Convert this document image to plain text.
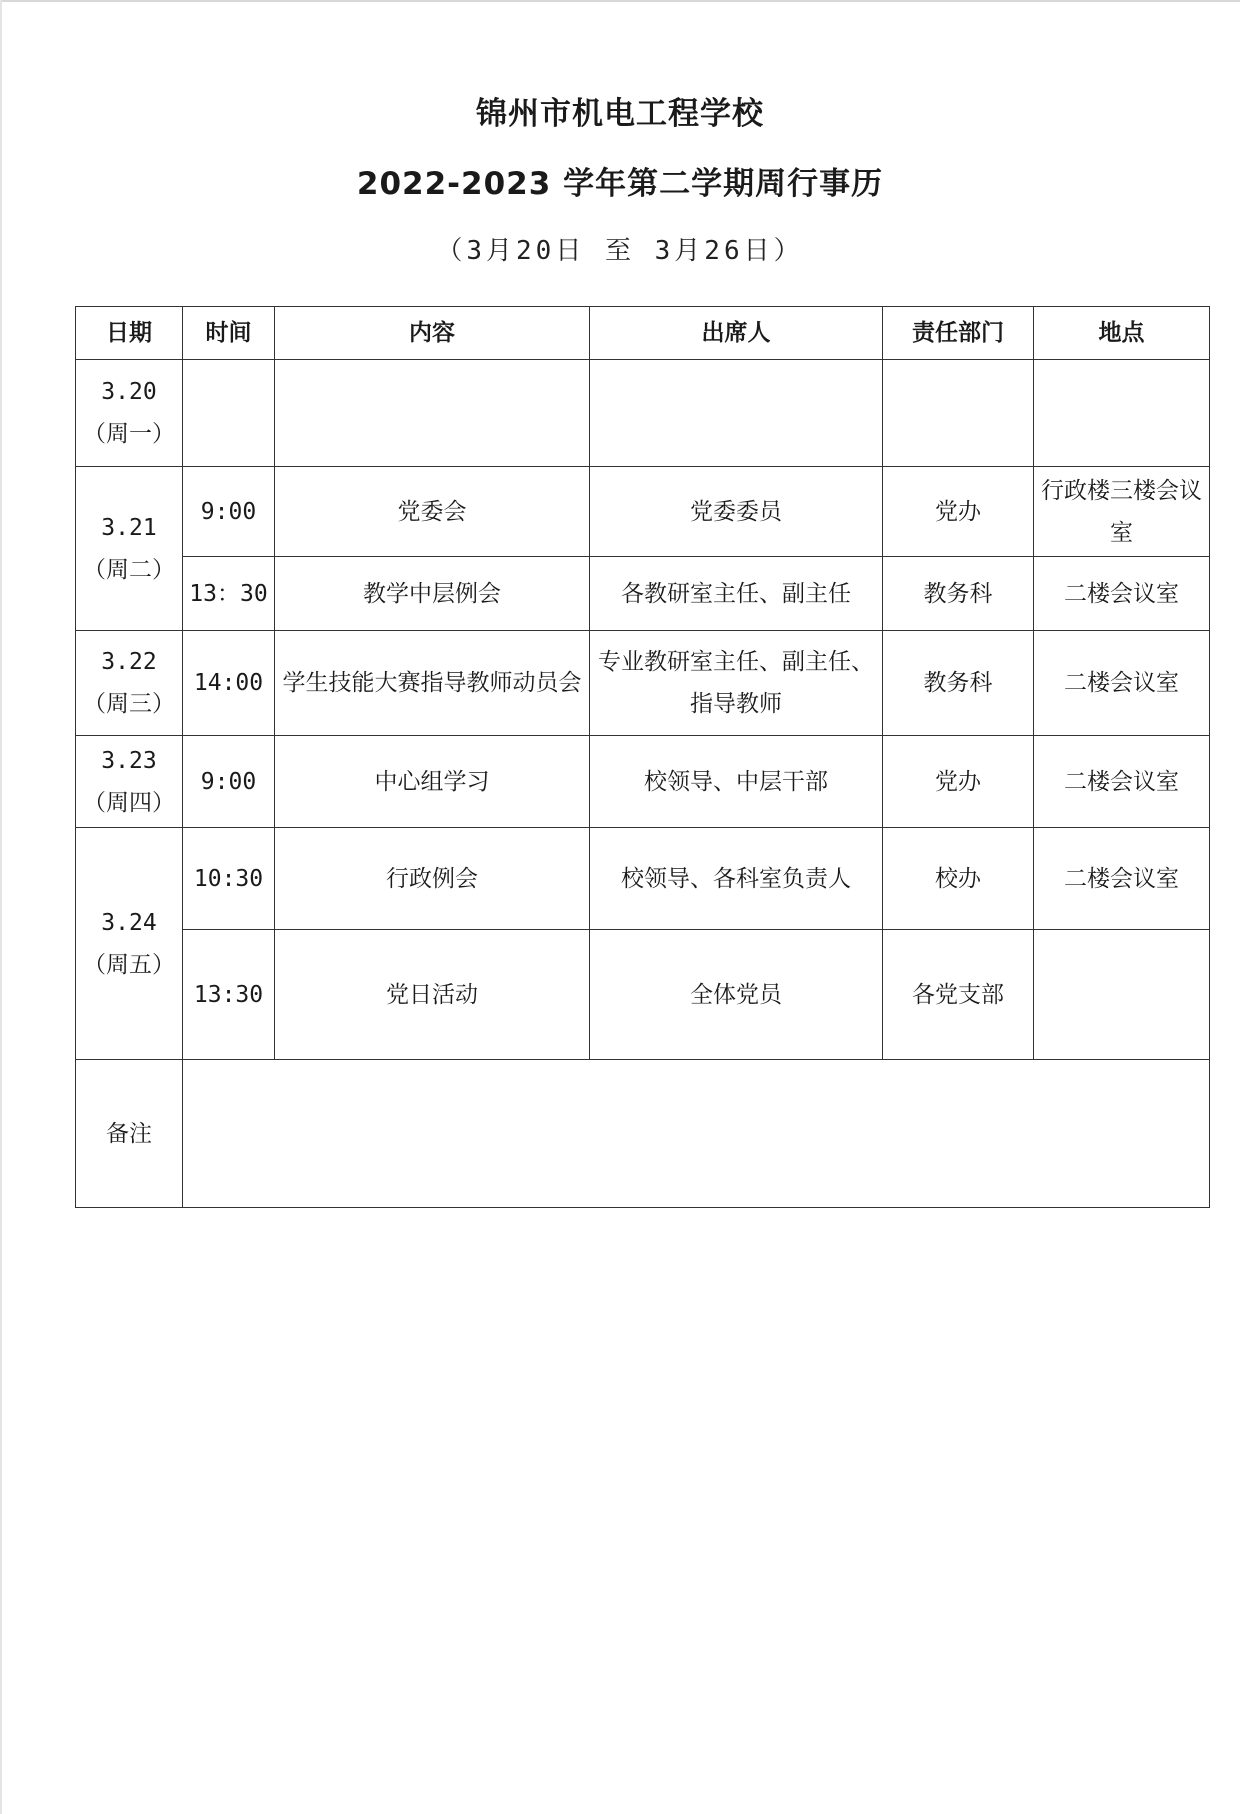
锦州市机电工程学校
2022-2023 学年第二学期周行事历
（3月20日 至 3月26日）
日期	时间	内容	出席人	责任部门	地点

3.20
（周一）					

3.21
（周二）	9:00	党委会	党委委员	党办	行政楼三楼会议室
	13：30	教学中层例会	各教研室主任、副主任	教务科	二楼会议室

3.22
（周三）	14:00	学生技能大赛指导教师动员会	专业教研室主任、副主任、指导教师	教务科	二楼会议室

3.23
（周四）	9:00	中心组学习	校领导、中层干部	党办	二楼会议室

3.24
（周五）	10:30	行政例会	校领导、各科室负责人	校办	二楼会议室
	13:30	党日活动	全体党员	各党支部	
备注					
